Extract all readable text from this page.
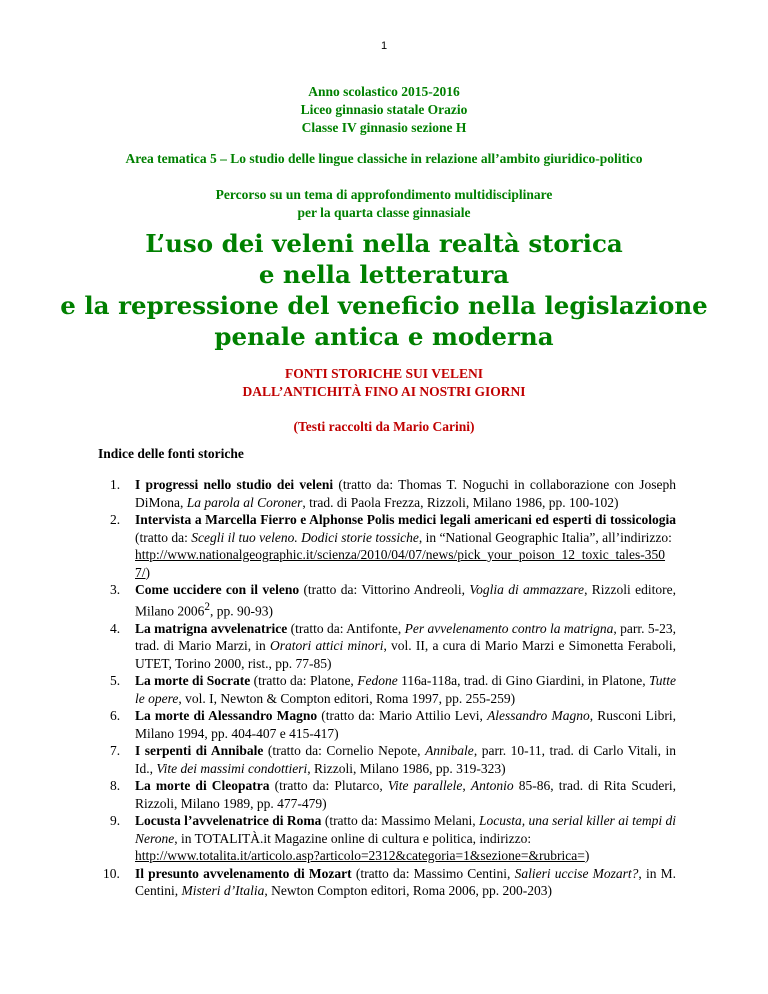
1
Anno scolastico 2015-2016
Liceo ginnasio statale Orazio
Classe IV ginnasio sezione H
Area tematica 5 – Lo studio delle lingue classiche in relazione all’ambito giuridico-politico
Percorso su un tema di approfondimento multidisciplinare
per la quarta classe ginnasiale
L’uso dei veleni nella realtà storica
e nella letteratura
e la repressione del veneficio nella legislazione
penale antica e moderna
FONTI STORICHE SUI VELENI
DALL’ANTICHITÀ FINO AI NOSTRI GIORNI
(Testi raccolti da Mario Carini)
Indice delle fonti storiche
1. I progressi nello studio dei veleni (tratto da: Thomas T. Noguchi in collaborazione con Joseph DiMona, La parola al Coroner, trad. di Paola Frezza, Rizzoli, Milano 1986, pp. 100-102)
2. Intervista a Marcella Fierro e Alphonse Polis medici legali americani ed esperti di tossicologia (tratto da: Scegli il tuo veleno. Dodici storie tossiche, in “National Geographic Italia”, all’indirizzo:
http://www.nationalgeographic.it/scienza/2010/04/07/news/pick_your_poison_12_toxic_tales-3507/)
3. Come uccidere con il veleno (tratto da: Vittorino Andreoli, Voglia di ammazzare, Rizzoli editore, Milano 2006$^2$, pp. 90-93)
4. La matrigna avvelenatrice (tratto da: Antifonte, Per avvelenamento contro la matrigna, parr. 5-23, trad. di Mario Marzi, in Oratori attici minori, vol. II, a cura di Mario Marzi e Simonetta Feraboli, UTET, Torino 2000, rist., pp. 77-85)
5. La morte di Socrate (tratto da: Platone, Fedone 116a-118a, trad. di Gino Giardini, in Platone, Tutte le opere, vol. I, Newton & Compton editori, Roma 1997, pp. 255-259)
6. La morte di Alessandro Magno (tratto da: Mario Attilio Levi, Alessandro Magno, Rusconi Libri, Milano 1994, pp. 404-407 e 415-417)
7. I serpenti di Annibale (tratto da: Cornelio Nepote, Annibale, parr. 10-11, trad. di Carlo Vitali, in Id., Vite dei massimi condottieri, Rizzoli, Milano 1986, pp. 319-323)
8. La morte di Cleopatra (tratto da: Plutarco, Vite parallele, Antonio 85-86, trad. di Rita Scuderi, Rizzoli, Milano 1989, pp. 477-479)
9. Locusta l’avvelenatrice di Roma (tratto da: Massimo Melani, Locusta, una serial killer ai tempi di Nerone, in TOTALITÀ.it Magazine online di cultura e politica, indirizzo:
http://www.totalita.it/articolo.asp?articolo=2312&categoria=1&sezione=&rubrica=)
10. Il presunto avvelenamento di Mozart (tratto da: Massimo Centini, Salieri uccise Mozart?, in M. Centini, Misteri d’Italia, Newton Compton editori, Roma 2006, pp. 200-203)
